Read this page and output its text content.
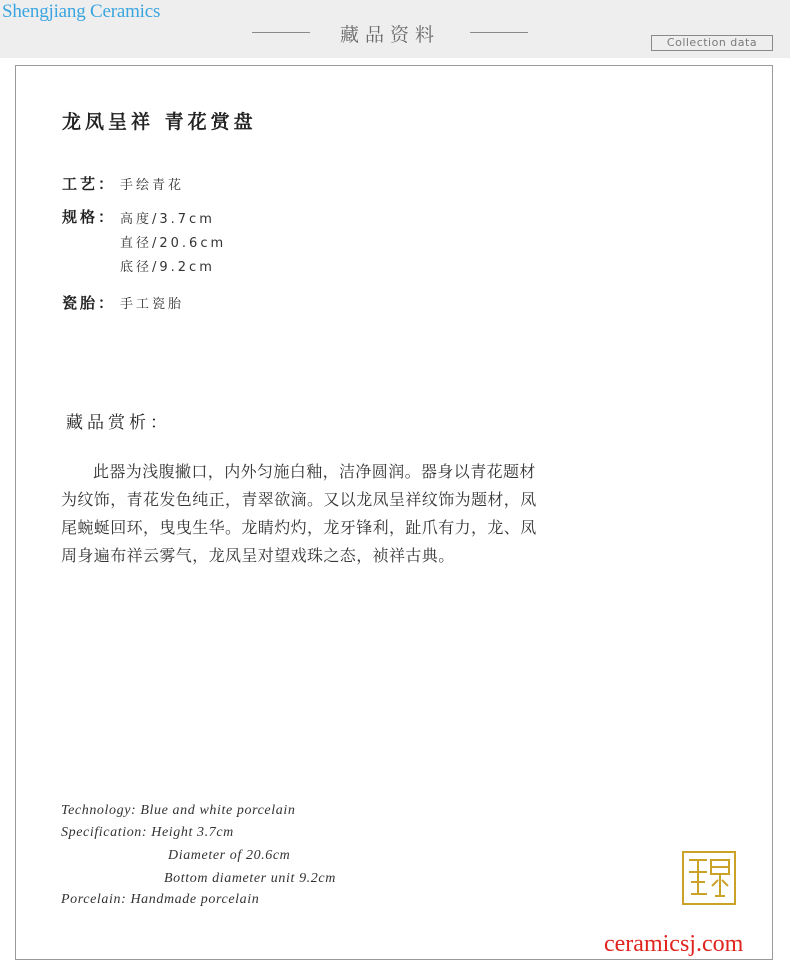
Shengjiang Ceramics
藏品资料	Collection data
龙凤呈祥 青花赏盘
工艺： 手绘青花
规格： 高度/3.7cm
直径/20.6cm
底径/9.2cm
瓷胎： 手工瓷胎
藏品赏析：
此器为浅腹撇口，内外匀施白釉，洁净圆润。器身以青花题材为纹饰，青花发色纯正，青翠欲滴。又以龙凤呈祥纹饰为题材，凤尾蜿蜒回环，曳曳生华。龙睛灼灼，龙牙锋利，趾爪有力，龙、凤周身遍布祥云雾气，龙凤呈对望戏珠之态，祯祥古典。
Technology: Blue and white porcelain
Specification: Height 3.7cm
Diameter of 20.6cm
Bottom diameter unit 9.2cm
Porcelain: Handmade porcelain
ceramicsj.com
